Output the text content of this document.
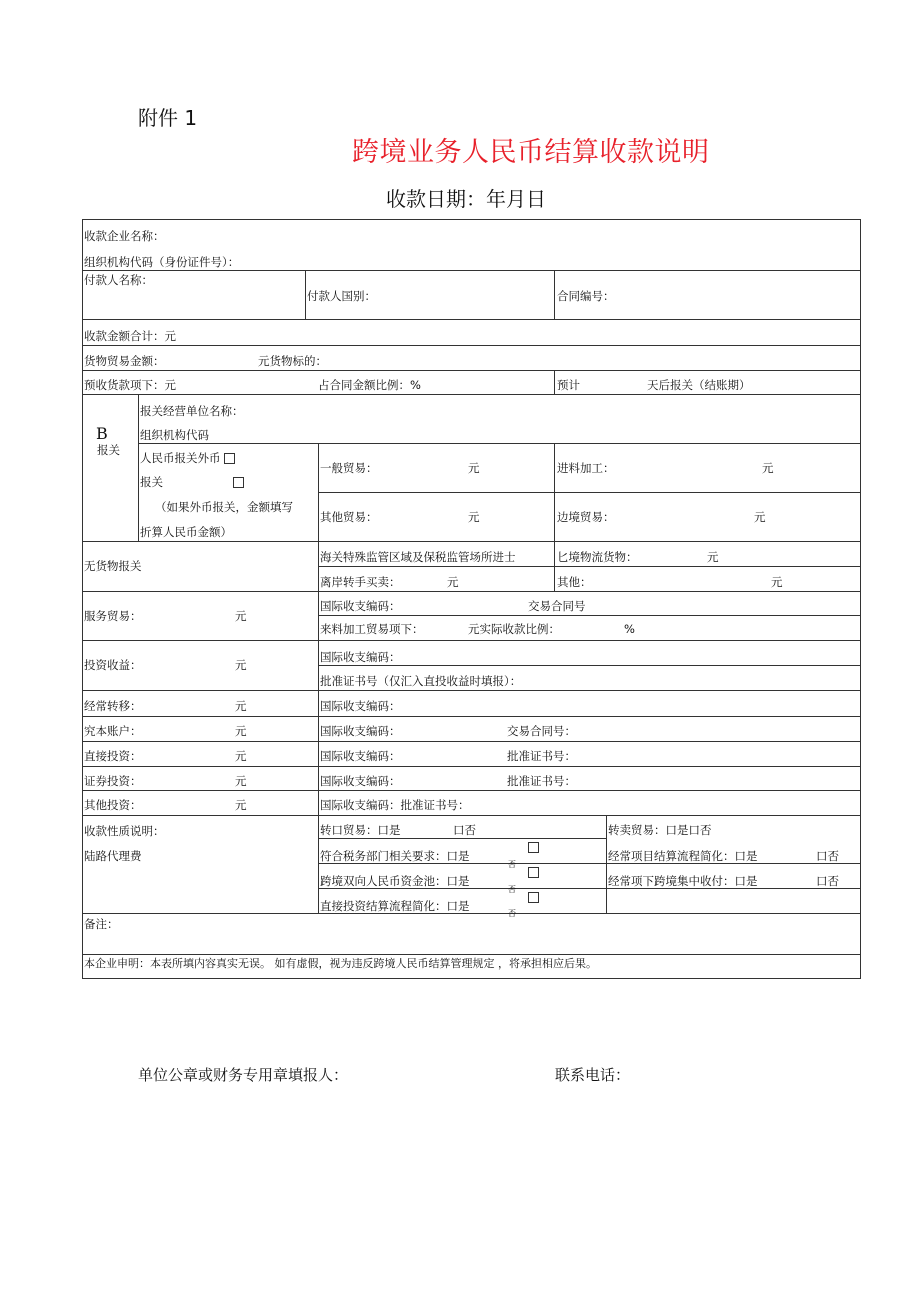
附件 1
跨境业务人民币结算收款说明
收款日期：年月日
收款企业名称：
组织机构代码（身份证件号）：
付款人名称：
付款人国别：	合同编号：
收款金额合计：元
货物贸易金额：	元货物标的：
预收货款项下：元	占合同金额比例：%	预计	天后报关（结账期）
B
报关
报关经营单位名称：
组织机构代码
人民币报关外币
报关
（如果外币报关，金额填写
折算人民币金额）
一般贸易：	元	进料加工：	元
其他贸易：	元	边境贸易：	元
无货物报关
海关特殊监管区域及保税监管场所进士	匕境物流货物：	元
离岸转手买卖：	元	其他：	元
服务贸易：	元
国际收支编码：	交易合同号
来料加工贸易项下：	元实际收款比例：	%
投资收益：	元
国际收支编码：
批准证书号（仅汇入直投收益时填报）：
经常转移：	元	国际收支编码：
究本账户：	元	国际收支编码：	交易合同号：
直接投资：	元	国际收支编码：	批准证书号：
证券投资：	元	国际收支编码：	批准证书号：
其他投资：	元	国际收支编码：批准证书号：
收款性质说明：
陆路代理费
转口贸易：口是	口否	转卖贸易：口是口否
符合税务部门相关要求：口是
否
经常项目结算流程简化：口是	口否
跨境双向人民币资金池：口是
否
经常项下跨境集中收付：口是	口否
直接投资结算流程简化：口是
否
备注：
本企业申明：本表所填内容真实无误。 如有虚假，视为违反跨境人民币结算管理规定 ，将承担相应后果。
单位公章或财务专用章填报人：	联系电话：
